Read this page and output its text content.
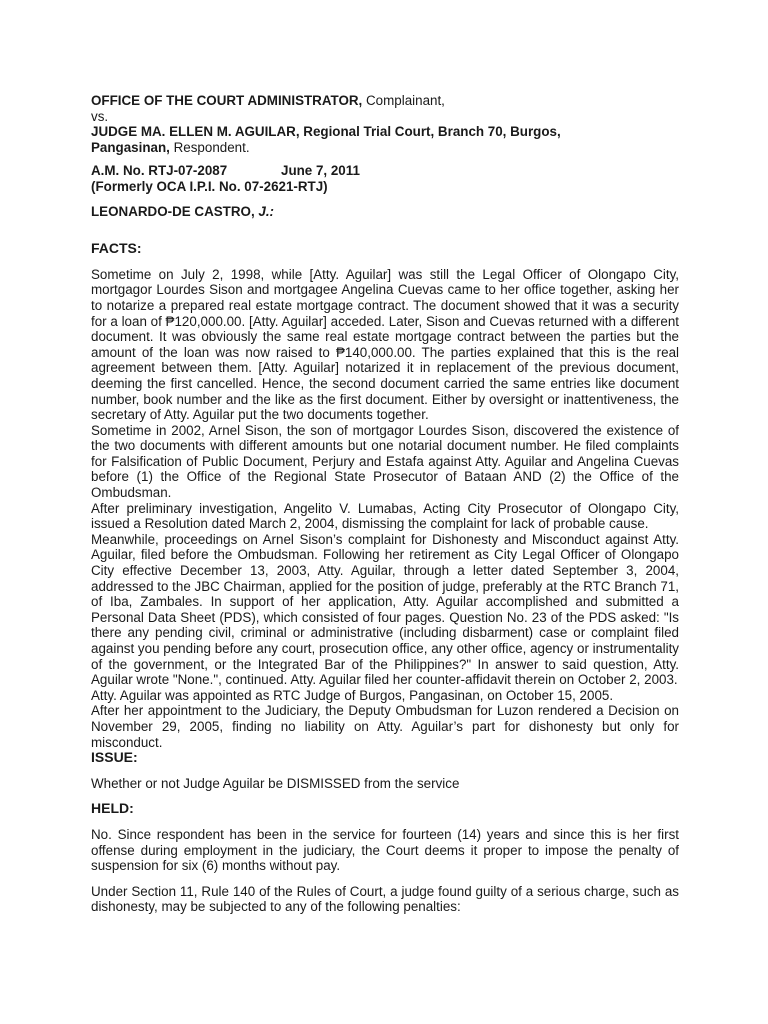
OFFICE OF THE COURT ADMINISTRATOR, Complainant,

vs.

JUDGE MA. ELLEN M. AGUILAR, Regional Trial Court, Branch 70, Burgos,

Pangasinan, Respondent.

A.M. No. RTJ-07-2087	June 7, 2011

(Formerly OCA I.P.I. No. 07-2621-RTJ)

LEONARDO-DE CASTRO, J.:

FACTS:

Sometime on July 2, 1998, while [Atty. Aguilar] was still the Legal Officer of Olongapo City, mortgagor Lourdes Sison and mortgagee Angelina Cuevas came to her office together, asking her to notarize a prepared real estate mortgage contract. The document showed that it was a security for a loan of ₱120,000.00. [Atty. Aguilar] acceded. Later, Sison and Cuevas returned with a different document. It was obviously the same real estate mortgage contract between the parties but the amount of the loan was now raised to ₱140,000.00. The parties explained that this is the real agreement between them. [Atty. Aguilar] notarized it in replacement of the previous document, deeming the first cancelled. Hence, the second document carried the same entries like document number, book number and the like as the first document. Either by oversight or inattentiveness, the secretary of Atty. Aguilar put the two documents together.

Sometime in 2002, Arnel Sison, the son of mortgagor Lourdes Sison, discovered the existence of the two documents with different amounts but one notarial document number. He filed complaints for Falsification of Public Document, Perjury and Estafa against Atty. Aguilar and Angelina Cuevas before (1) the Office of the Regional State Prosecutor of Bataan AND (2) the Office of the Ombudsman.

After preliminary investigation, Angelito V. Lumabas, Acting City Prosecutor of Olongapo City, issued a Resolution dated March 2, 2004, dismissing the complaint for lack of probable cause.

Meanwhile, proceedings on Arnel Sison’s complaint for Dishonesty and Misconduct against Atty. Aguilar, filed before the Ombudsman. Following her retirement as City Legal Officer of Olongapo City effective December 13, 2003, Atty. Aguilar, through a letter dated September 3, 2004, addressed to the JBC Chairman, applied for the position of judge, preferably at the RTC Branch 71, of Iba, Zambales. In support of her application, Atty. Aguilar accomplished and submitted a Personal Data Sheet (PDS), which consisted of four pages. Question No. 23 of the PDS asked: "Is there any pending civil, criminal or administrative (including disbarment) case or complaint filed against you pending before any court, prosecution office, any other office, agency or instrumentality of the government, or the Integrated Bar of the Philippines?" In answer to said question, Atty. Aguilar wrote "None.", continued. Atty. Aguilar filed her counter-affidavit therein on October 2, 2003.

Atty. Aguilar was appointed as RTC Judge of Burgos, Pangasinan, on October 15, 2005.

After her appointment to the Judiciary, the Deputy Ombudsman for Luzon rendered a Decision on November 29, 2005, finding no liability on Atty. Aguilar’s part for dishonesty but only for misconduct.

ISSUE:

Whether or not Judge Aguilar be DISMISSED from the service

HELD:

No. Since respondent has been in the service for fourteen (14) years and since this is her first offense during employment in the judiciary, the Court deems it proper to impose the penalty of suspension for six (6) months without pay.

Under Section 11, Rule 140 of the Rules of Court, a judge found guilty of a serious charge, such as dishonesty, may be subjected to any of the following penalties:
